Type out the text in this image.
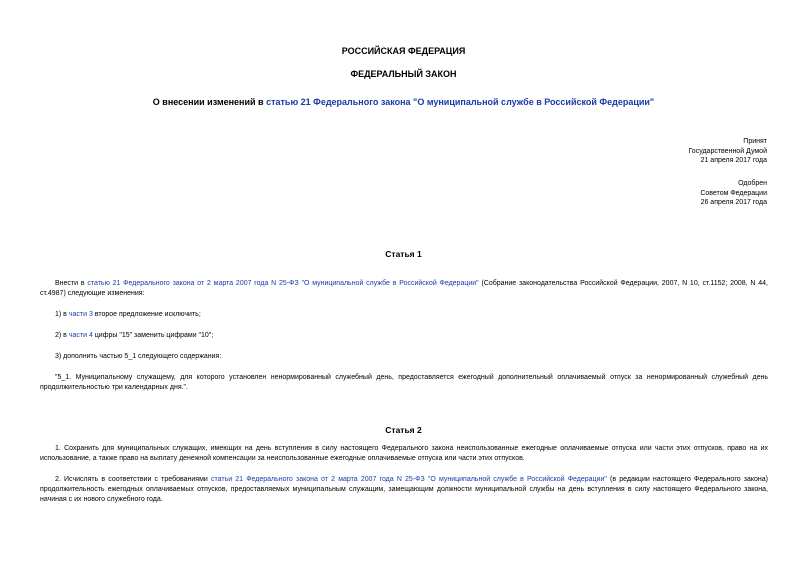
РОССИЙСКАЯ ФЕДЕРАЦИЯ
ФЕДЕРАЛЬНЫЙ ЗАКОН
О внесении изменений в статью 21 Федерального закона "О муниципальной службе в Российской Федерации"
Принят
Государственной Думой
21 апреля 2017 года
Одобрен
Советом Федерации
26 апреля 2017 года
Статья 1
Внести в статью 21 Федерального закона от 2 марта 2007 года N 25-ФЗ "О муниципальной службе в Российской Федерации" (Собрание законодательства Российской Федерации, 2007, N 10, ст.1152; 2008, N 44, ст.4987) следующие изменения:
1) в части 3 второе предложение исключить;
2) в части 4 цифры "15" заменить цифрами "10";
3) дополнить частью 5_1 следующего содержания:
"5_1. Муниципальному служащему, для которого установлен ненормированный служебный день, предоставляется ежегодный дополнительный оплачиваемый отпуск за ненормированный служебный день продолжительностью три календарных дня.".
Статья 2
1. Сохранить для муниципальных служащих, имеющих на день вступления в силу настоящего Федерального закона неиспользованные ежегодные оплачиваемые отпуска или части этих отпусков, право на их использование, а также право на выплату денежной компенсации за неиспользованные ежегодные оплачиваемые отпуска или части этих отпусков.
2. Исчислять в соответствии с требованиями статьи 21 Федерального закона от 2 марта 2007 года N 25-ФЗ "О муниципальной службе в Российской Федерации" (в редакции настоящего Федерального закона) продолжительность ежегодных оплачиваемых отпусков, предоставляемых муниципальным служащим, замещающим должности муниципальной службы на день вступления в силу настоящего Федерального закона, начиная с их нового служебного года.
